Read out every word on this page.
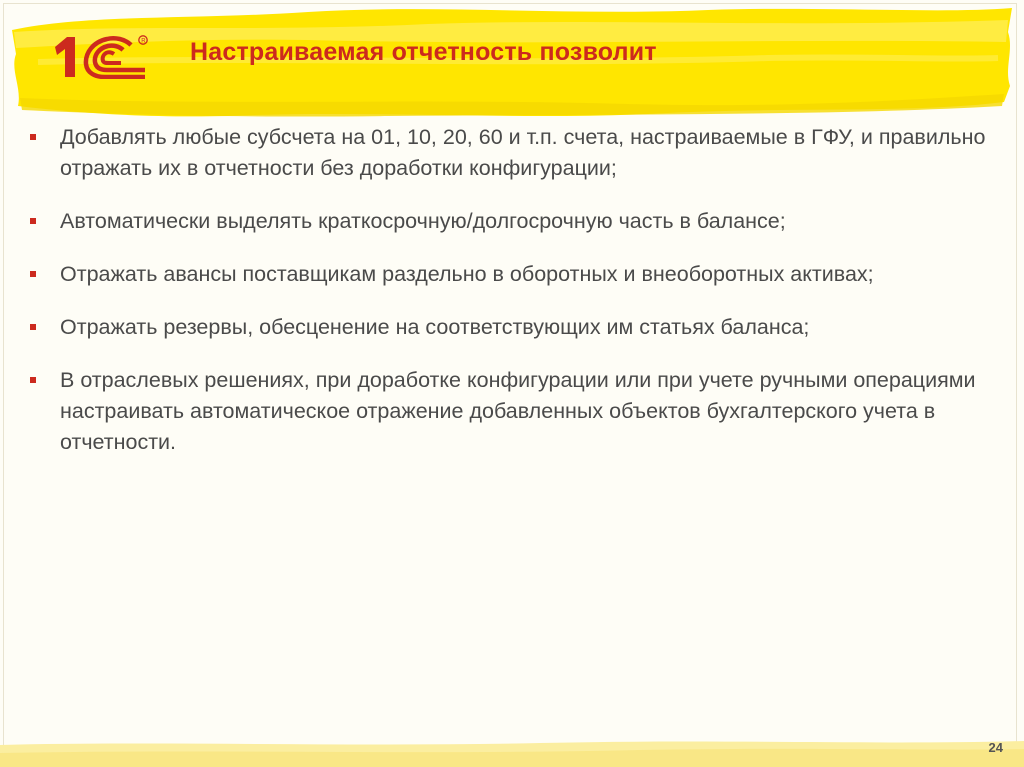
R Настраиваемая отчетность позволит
Добавлять любые субсчета на 01, 10, 20, 60 и т.п. счета, настраиваемые в ГФУ, и правильно отражать их в отчетности без доработки конфигурации;
Автоматически выделять краткосрочную/долгосрочную часть в балансе;
Отражать авансы поставщикам раздельно в оборотных и внеоборотных активах;
Отражать резервы, обесценение на соответствующих им статьях баланса;
В отраслевых решениях, при доработке конфигурации или при учете ручными операциями настраивать автоматическое отражение добавленных объектов бухгалтерского учета в отчетности.
24
